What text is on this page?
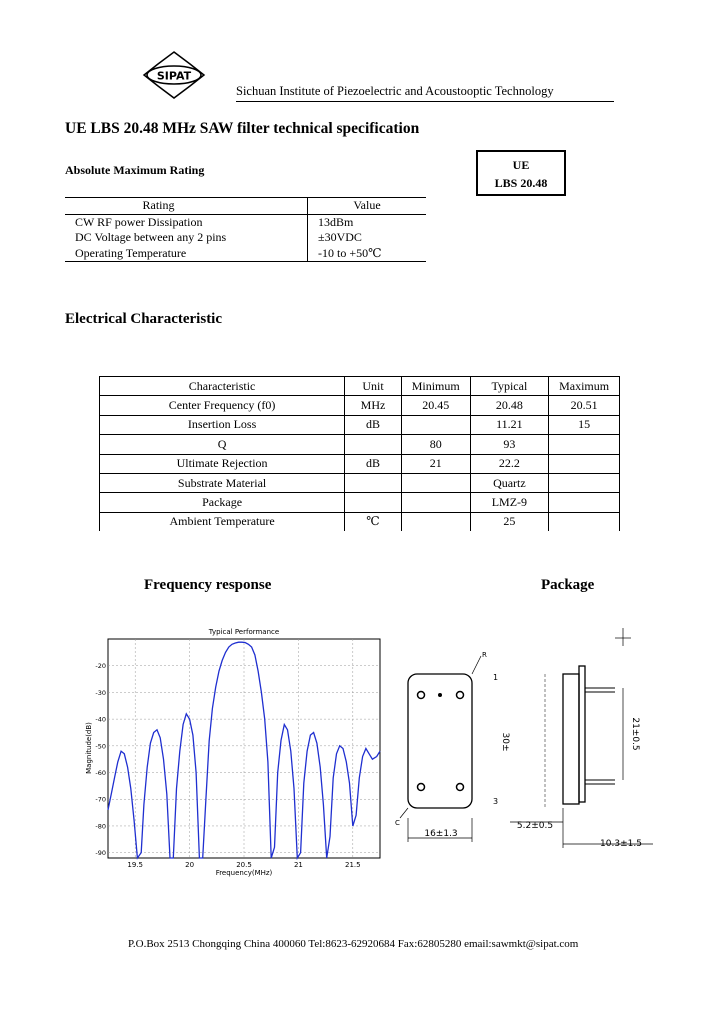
SIPAT
Sichuan Institute of Piezoelectric and Acoustooptic Technology
UE LBS 20.48 MHz SAW filter technical specification
UE
LBS 20.48
Absolute Maximum Rating
Rating	Value
CW RF power Dissipation	13dBm
DC Voltage between any 2 pins	±30VDC
Operating Temperature	-10 to +50℃
Electrical Characteristic
Characteristic	Unit	Minimum	Typical	Maximum
Center Frequency (f0)	MHz	20.45	20.48	20.51
Insertion Loss	dB		11.21	15
Q		80	93	
Ultimate Rejection	dB	21	22.2	
Substrate Material			Quartz	
Package			LMZ-9	
Ambient Temperature	℃		25	
Frequency response	Package
Typical Performance
19.5	20	20.5	21	21.5
-20
-30
-40
-50
-60
-70
-80
-90
Magnitude(dB)
Frequency(MHz)
R
C
1
3
16±1.3
30±	21±0.5
5.2±0.5
10.3±1.5
P.O.Box 2513 Chongqing China 400060 Tel:8623-62920684 Fax:62805280 email:sawmkt@sipat.com
